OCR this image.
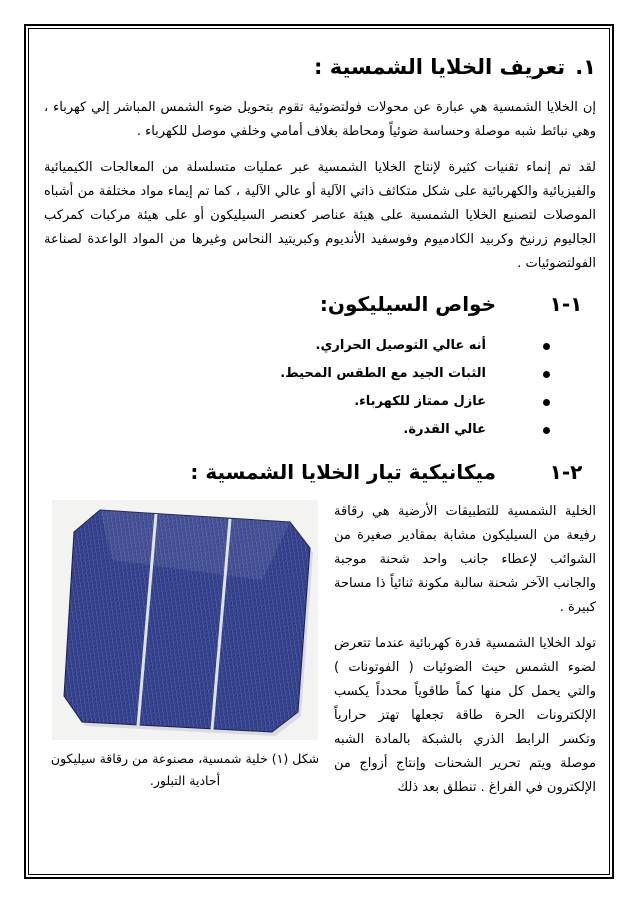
١.
تعريف الخلايا الشمسية :

إن الخلايا الشمسية هي عبارة عن محولات فولتضوئية تقوم بتحويل ضوء الشمس المباشر إلي كهرباء ، وهي نبائط شبه موصلة وحساسة ضوئياً ومحاطة بغلاف أمامي وخلفي موصل للكهرباء .

لقد تم إنماء تقنيات كثيرة لإنتاج الخلايا الشمسية عبر عمليات متسلسلة من المعالجات الكيميائية والفيزيائية والكهربائية على شكل متكاثف ذاتي الآلية أو عالي الآلية ، كما تم إيماء مواد مختلفة من أشباه الموصلات لتصنيع الخلايا الشمسية على هيئة عناصر كعنصر السيليكون أو على هيئة مركبات كمركب الجاليوم زرنيخ وكربيد الكادميوم وفوسفيد الأنديوم وكبريتيد النحاس وغيرها من المواد الواعدة لصناعة الفولتضوئيات .

١-١
خواص السيليكون:
أنه عالي التوصيل الحراري.
الثبات الجيد مع الطقس المحيط.
عازل ممتاز للكهرباء.
عالي القدرة.
٢-١
ميكانيكية تيار الخلايا الشمسية :

الخلية الشمسية للتطبيقات الأرضية هي رقاقة رفيعة من السيليكون مشابة بمقادير صغيرة من الشوائب لإعطاء جانب واحد شحنة موجبة والجانب الآخر شحنة سالبة مكونة ثنائياً ذا مساحة كبيرة .

تولد الخلايا الشمسية قدرة كهربائية عندما تتعرض لضوء الشمس حيث الضوئيات ( الفوتونات ) والتي يحمل كل منها كماً طاقوياً محدداً يكسب الإلكترونات الحرة طاقة تجعلها تهتز حرارياً وتكسر الرابط الذري بالشبكة بالمادة الشبه موصلة ويتم تحرير الشحنات وإنتاج أزواج من الإلكترون في الفراغ . تنطلق بعد ذلك

شكل (١) خلية شمسية، مصنوعة من رقاقة سيليكون أحادية التبلور.
